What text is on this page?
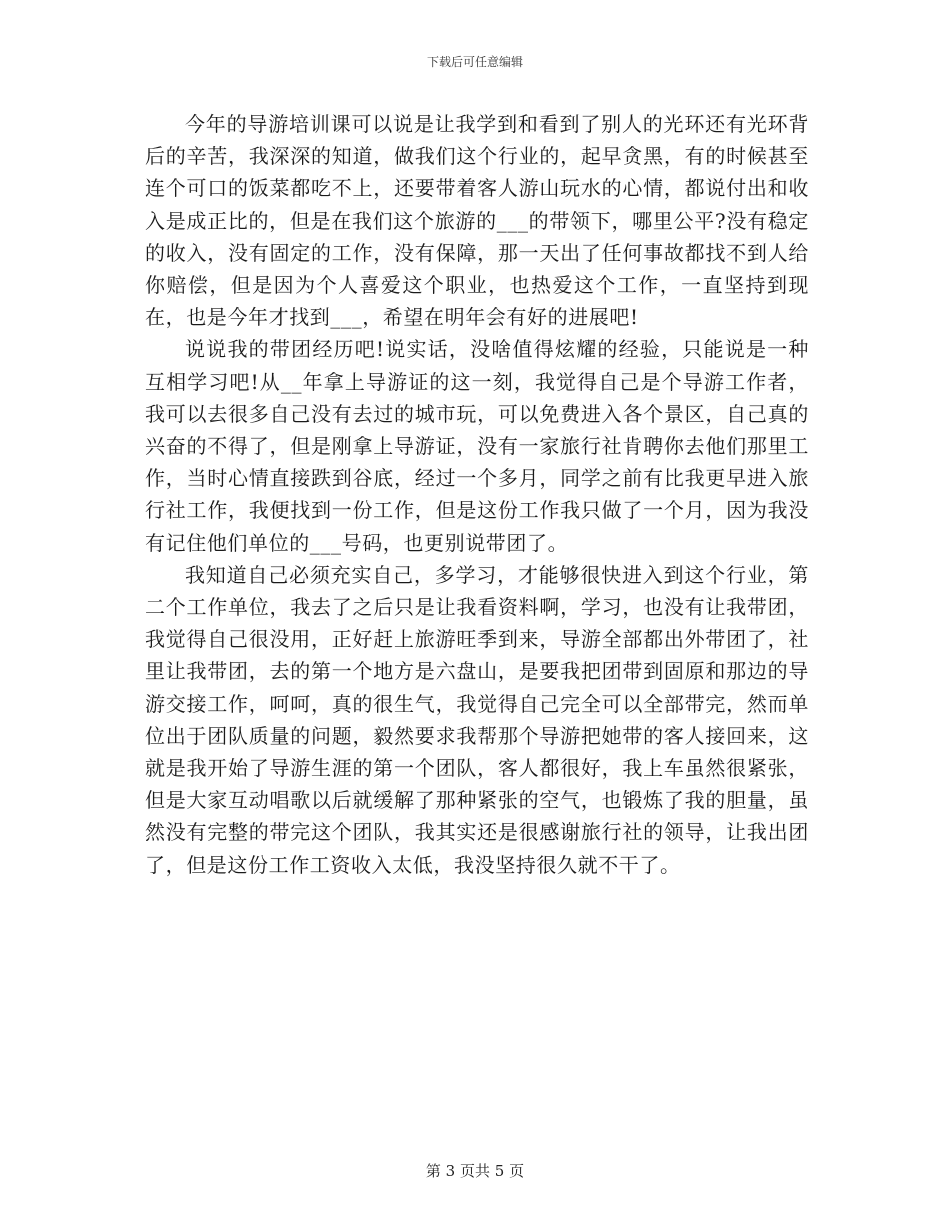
下载后可任意编辑

今年的导游培训课可以说是让我学到和看到了别人的光环还有光环背后的辛苦，我深深的知道，做我们这个行业的，起早贪黑，有的时候甚至连个可口的饭菜都吃不上，还要带着客人游山玩水的心情，都说付出和收入是成正比的，但是在我们这个旅游的___的带领下，哪里公平?没有稳定的收入，没有固定的工作，没有保障，那一天出了任何事故都找不到人给你赔偿，但是因为个人喜爱这个职业，也热爱这个工作，一直坚持到现在，也是今年才找到___，希望在明年会有好的进展吧!

说说我的带团经历吧!说实话，没啥值得炫耀的经验，只能说是一种互相学习吧!从__年拿上导游证的这一刻，我觉得自己是个导游工作者，我可以去很多自己没有去过的城市玩，可以免费进入各个景区，自己真的兴奋的不得了，但是刚拿上导游证，没有一家旅行社肯聘你去他们那里工作，当时心情直接跌到谷底，经过一个多月，同学之前有比我更早进入旅行社工作，我便找到一份工作，但是这份工作我只做了一个月，因为我没有记住他们单位的___号码，也更别说带团了。

我知道自己必须充实自己，多学习，才能够很快进入到这个行业，第二个工作单位，我去了之后只是让我看资料啊，学习，也没有让我带团，我觉得自己很没用，正好赶上旅游旺季到来，导游全部都出外带团了，社里让我带团，去的第一个地方是六盘山，是要我把团带到固原和那边的导游交接工作，呵呵，真的很生气，我觉得自己完全可以全部带完，然而单位出于团队质量的问题，毅然要求我帮那个导游把她带的客人接回来，这就是我开始了导游生涯的第一个团队，客人都很好，我上车虽然很紧张，但是大家互动唱歌以后就缓解了那种紧张的空气，也锻炼了我的胆量，虽然没有完整的带完这个团队，我其实还是很感谢旅行社的领导，让我出团了，但是这份工作工资收入太低，我没坚持很久就不干了。

第 3 页共 5 页
